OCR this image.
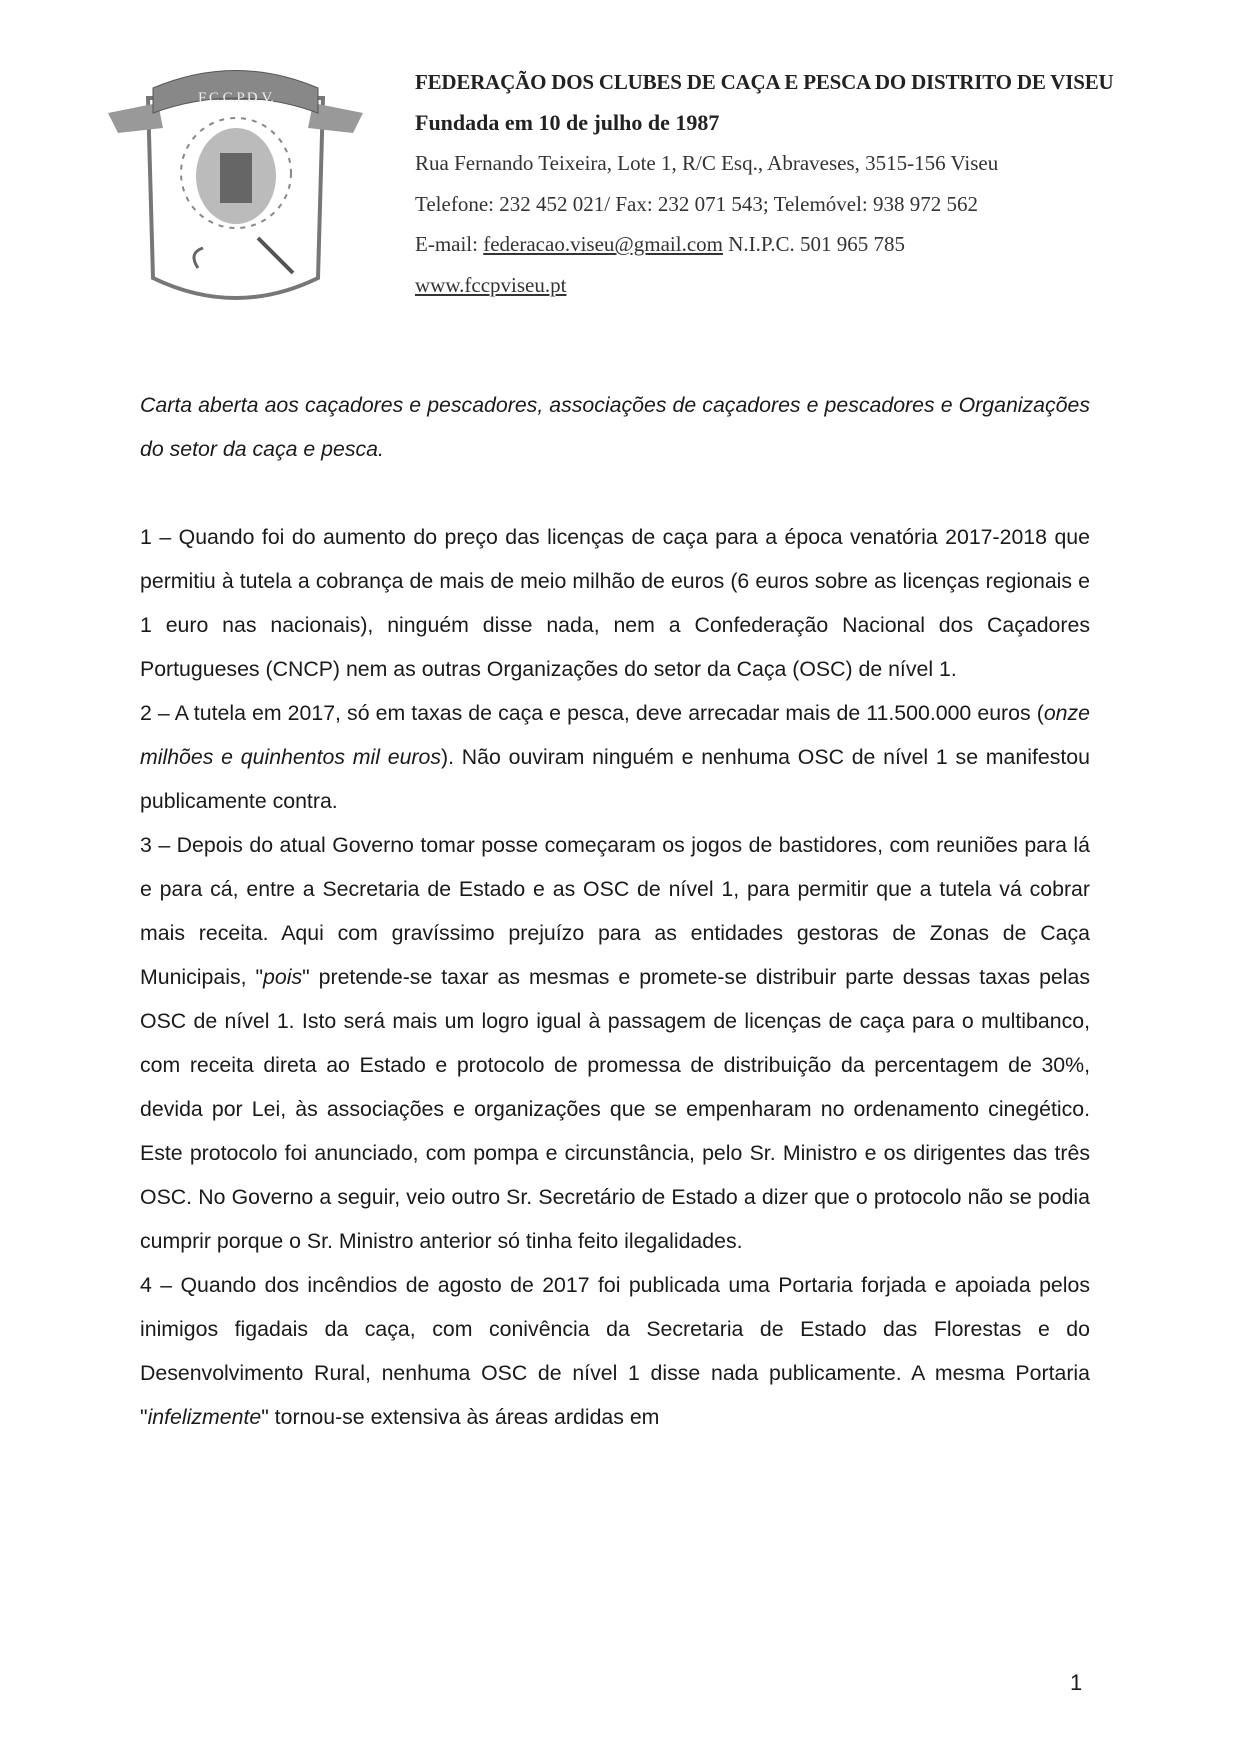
F.C.C.P.D.V.
FEDERAÇÃO DOS CLUBES DE CAÇA E PESCA DO DISTRITO DE VISEU
Fundada em 10 de julho de 1987
Rua Fernando Teixeira, Lote 1, R/C Esq., Abraveses, 3515-156 Viseu
Telefone: 232 452 021/ Fax: 232 071 543; Telemóvel: 938 972 562
E-mail: federacao.viseu@gmail.com N.I.P.C. 501 965 785
www.fccpviseu.pt

Carta aberta aos caçadores e pescadores, associações de caçadores e pescadores e Organizações do setor da caça e pesca.

1 – Quando foi do aumento do preço das licenças de caça para a época venatória 2017-2018 que permitiu à tutela a cobrança de mais de meio milhão de euros (6 euros sobre as licenças regionais e 1 euro nas nacionais), ninguém disse nada, nem a Confederação Nacional dos Caçadores Portugueses (CNCP) nem as outras Organizações do setor da Caça (OSC) de nível 1.

2 – A tutela em 2017, só em taxas de caça e pesca, deve arrecadar mais de 11.500.000 euros (onze milhões e quinhentos mil euros). Não ouviram ninguém e nenhuma OSC de nível 1 se manifestou publicamente contra.

3 – Depois do atual Governo tomar posse começaram os jogos de bastidores, com reuniões para lá e para cá, entre a Secretaria de Estado e as OSC de nível 1, para permitir que a tutela vá cobrar mais receita. Aqui com gravíssimo prejuízo para as entidades gestoras de Zonas de Caça Municipais, "pois" pretende-se taxar as mesmas e promete-se distribuir parte dessas taxas pelas OSC de nível 1. Isto será mais um logro igual à passagem de licenças de caça para o multibanco, com receita direta ao Estado e protocolo de promessa de distribuição da percentagem de 30%, devida por Lei, às associações e organizações que se empenharam no ordenamento cinegético. Este protocolo foi anunciado, com pompa e circunstância, pelo Sr. Ministro e os dirigentes das três OSC. No Governo a seguir, veio outro Sr. Secretário de Estado a dizer que o protocolo não se podia cumprir porque o Sr. Ministro anterior só tinha feito ilegalidades.

4 – Quando dos incêndios de agosto de 2017 foi publicada uma Portaria forjada e apoiada pelos inimigos figadais da caça, com conivência da Secretaria de Estado das Florestas e do Desenvolvimento Rural, nenhuma OSC de nível 1 disse nada publicamente. A mesma Portaria "infelizmente" tornou-se extensiva às áreas ardidas em

1
